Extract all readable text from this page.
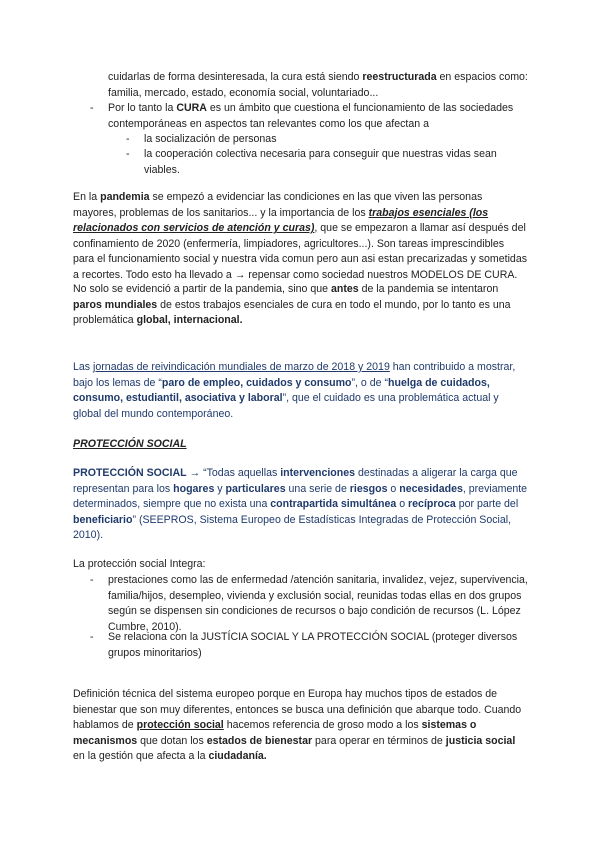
cuidarlas de forma desinteresada, la cura está siendo reestructurada en espacios como: familia, mercado, estado, economía social, voluntariado...

- Por lo tanto la CURA es un ámbito que cuestiona el funcionamiento de las sociedades contemporáneas en aspectos tan relevantes como los que afectan a

- la socialización de personas

- la cooperación colectiva necesaria para conseguir que nuestras vidas sean viables.

En la pandemia se empezó a evidenciar las condiciones en las que viven las personas mayores, problemas de los sanitarios... y la importancia de los trabajos esenciales (los relacionados con servicios de atención y curas), que se empezaron a llamar así después del confinamiento de 2020 (enfermería, limpiadores, agricultores...). Son tareas imprescindibles para el funcionamiento social y nuestra vida comun pero aun asi estan precarizadas y sometidas a recortes. Todo esto ha llevado a → repensar como sociedad nuestros MODELOS DE CURA.

No solo se evidenció a partir de la pandemia, sino que antes de la pandemia se intentaron paros mundiales de estos trabajos esenciales de cura en todo el mundo, por lo tanto es una problemática global, internacional.

Las jornadas de reivindicación mundiales de marzo de 2018 y 2019 han contribuido a mostrar, bajo los lemas de “paro de empleo, cuidados y consumo”, o de “huelga de cuidados, consumo, estudiantil, asociativa y laboral”, que el cuidado es una problemática actual y global del mundo contemporáneo.

PROTECCIÓN SOCIAL

PROTECCIÓN SOCIAL → “Todas aquellas intervenciones destinadas a aligerar la carga que representan para los hogares y particulares una serie de riesgos o necesidades, previamente determinados, siempre que no exista una contrapartida simultánea o recíproca por parte del beneficiario” (SEEPROS, Sistema Europeo de Estadísticas Integradas de Protección Social, 2010).

La protección social Integra:

- prestaciones como las de enfermedad /atención sanitaria, invalidez, vejez, supervivencia, familia/hijos, desempleo, vivienda y exclusión social, reunidas todas ellas en dos grupos según se dispensen sin condiciones de recursos o bajo condición de recursos (L. López Cumbre, 2010).

- Se relaciona con la JUSTÍCIA SOCIAL Y LA PROTECCIÓN SOCIAL (proteger diversos grupos minoritarios)

Definición técnica del sistema europeo porque en Europa hay muchos tipos de estados de bienestar que son muy diferentes, entonces se busca una definición que abarque todo. Cuando hablamos de protección social hacemos referencia de groso modo a los sistemas o mecanismos que dotan los estados de bienestar para operar en términos de justicia social en la gestión que afecta a la ciudadanía.
